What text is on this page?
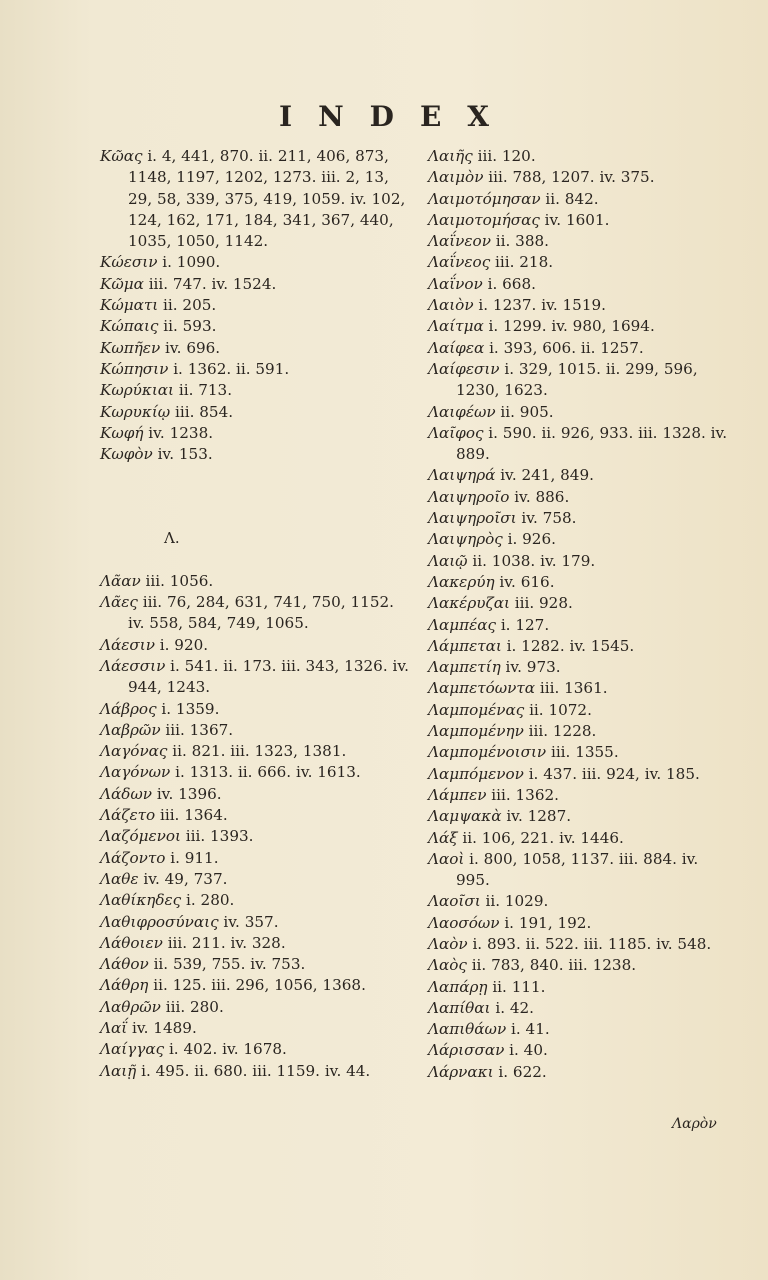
INDEX
Κῶας i. 4, 441, 870. ii. 211, 406, 873, 1148, 1197, 1202, 1273. iii. 2, 13, 29, 58, 339, 375, 419, 1059. iv. 102, 124, 162, 171, 184, 341, 367, 440, 1035, 1050, 1142.
Κώεσιν i. 1090.
Κῶμα iii. 747. iv. 1524.
Κώματι ii. 205.
Κώπαις ii. 593.
Κωπῆεν iv. 696.
Κώπησιν i. 1362. ii. 591.
Κωρύκιαι ii. 713.
Κωρυκίῳ iii. 854.
Κωφή iv. 1238.
Κωφὸν iv. 153.
Λ.
Λᾶαν iii. 1056.
Λᾶες iii. 76, 284, 631, 741, 750, 1152. iv. 558, 584, 749, 1065.
Λάεσιν i. 920.
Λάεσσιν i. 541. ii. 173. iii. 343, 1326. iv. 944, 1243.
Λάβρος i. 1359.
Λαβρῶν iii. 1367.
Λαγόνας ii. 821. iii. 1323, 1381.
Λαγόνων i. 1313. ii. 666. iv. 1613.
Λάδων iv. 1396.
Λάζετο iii. 1364.
Λαζόμενοι iii. 1393.
Λάζοντο i. 911.
Λαθε iv. 49, 737.
Λαθίκηδες i. 280.
Λαθιφροσύναις iv. 357.
Λάθοιεν iii. 211. iv. 328.
Λάθον ii. 539, 755. iv. 753.
Λάθρη ii. 125. iii. 296, 1056, 1368.
Λαθρῶν iii. 280.
Λαΐ iv. 1489.
Λαίγγας i. 402. iv. 1678.
Λαιῇ i. 495. ii. 680. iii. 1159. iv. 44.
Λαιῆς iii. 120.
Λαιμὸν iii. 788, 1207. iv. 375.
Λαιμοτόμησαν ii. 842.
Λαιμοτομήσας iv. 1601.
Λαΐνεον ii. 388.
Λαΐνεος iii. 218.
Λαΐνον i. 668.
Λαιὸν i. 1237. iv. 1519.
Λαίτμα i. 1299. iv. 980, 1694.
Λαίφεα i. 393, 606. ii. 1257.
Λαίφεσιν i. 329, 1015. ii. 299, 596, 1230, 1623.
Λαιφέων ii. 905.
Λαῖφος i. 590. ii. 926, 933. iii. 1328. iv. 889.
Λαιψηρά iv. 241, 849.
Λαιψηροῖο iv. 886.
Λαιψηροῖσι iv. 758.
Λαιψηρὸς i. 926.
Λαιῷ ii. 1038. iv. 179.
Λακερύη iv. 616.
Λακέρυζαι iii. 928.
Λαμπέας i. 127.
Λάμπεται i. 1282. iv. 1545.
Λαμπετίη iv. 973.
Λαμπετόωντα iii. 1361.
Λαμπομένας ii. 1072.
Λαμπομένην iii. 1228.
Λαμπομένοισιν iii. 1355.
Λαμπόμενον i. 437. iii. 924, iv. 185.
Λάμπεν iii. 1362.
Λαμψακὰ iv. 1287.
Λάξ ii. 106, 221. iv. 1446.
Λαοὶ i. 800, 1058, 1137. iii. 884. iv. 995.
Λαοῖσι ii. 1029.
Λαοσόων i. 191, 192.
Λαὸν i. 893. ii. 522. iii. 1185. iv. 548.
Λαὸς ii. 783, 840. iii. 1238.
Λαπάρῃ ii. 111.
Λαπίθαι i. 42.
Λαπιθάων i. 41.
Λάρισσαν i. 40.
Λάρνακι i. 622.
Λαρὸν
